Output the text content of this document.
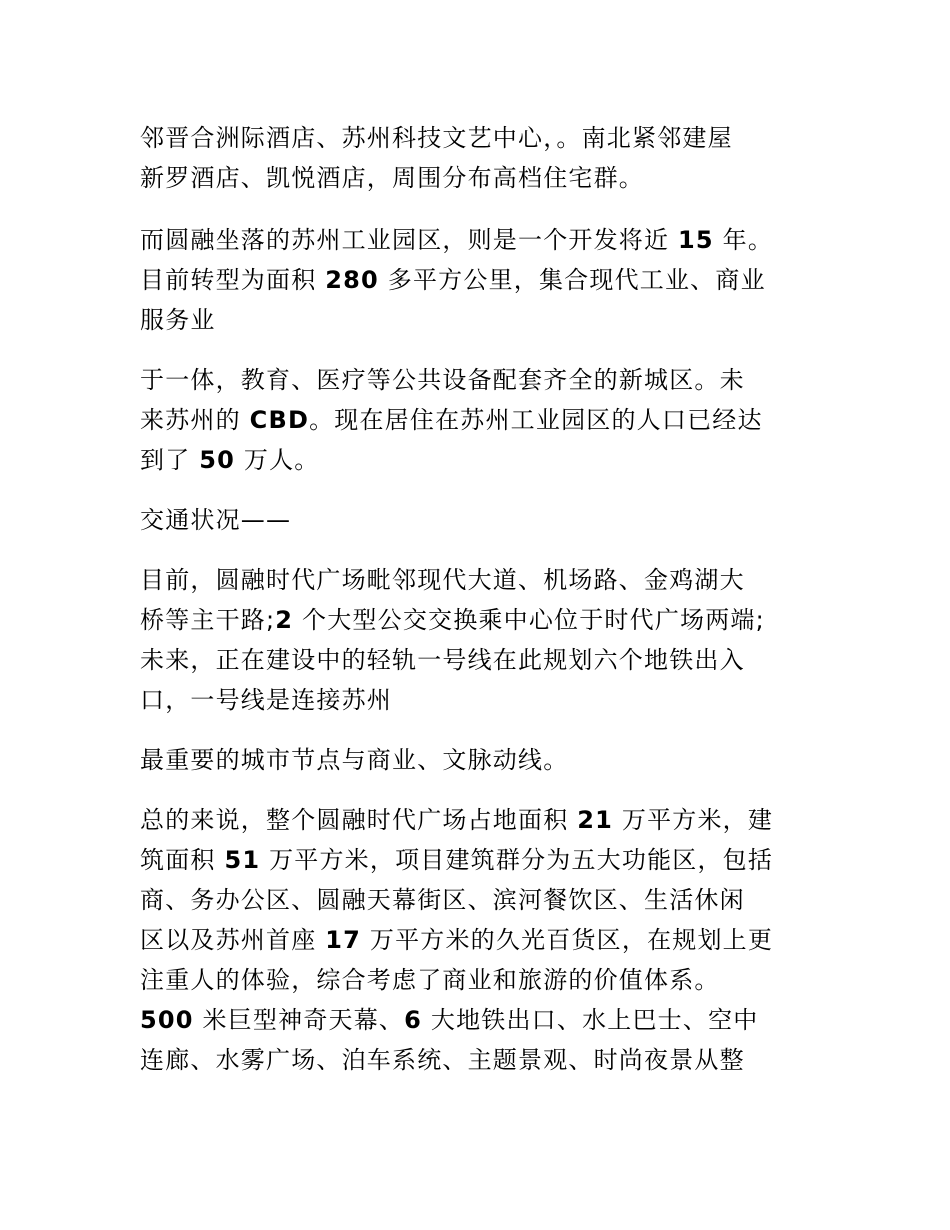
邻晋合洲际酒店、苏州科技文艺中心，。南北紧邻建屋
新罗酒店、凯悦酒店，周围分布高档住宅群。

而圆融坐落的苏州工业园区，则是一个开发将近 15 年。
目前转型为面积 280 多平方公里，集合现代工业、商业
服务业

于一体，教育、医疗等公共设备配套齐全的新城区。未
来苏州的 CBD。现在居住在苏州工业园区的人口已经达
到了 50 万人。

交通状况——

目前，圆融时代广场毗邻现代大道、机场路、金鸡湖大
桥等主干路;2 个大型公交交换乘中心位于时代广场两端;
未来，正在建设中的轻轨一号线在此规划六个地铁出入
口，一号线是连接苏州

最重要的城市节点与商业、文脉动线。

总的来说，整个圆融时代广场占地面积 21 万平方米，建
筑面积 51 万平方米，项目建筑群分为五大功能区，包括
商、务办公区、圆融天幕街区、滨河餐饮区、生活休闲
区以及苏州首座 17 万平方米的久光百货区，在规划上更
注重人的体验，综合考虑了商业和旅游的价值体系。
500 米巨型神奇天幕、6 大地铁出口、水上巴士、空中
连廊、水雾广场、泊车系统、主题景观、时尚夜景从整
